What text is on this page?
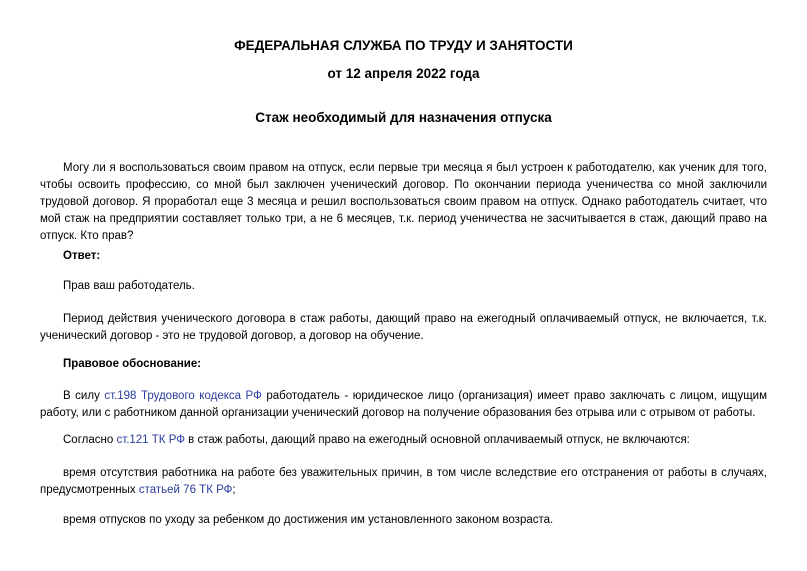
ФЕДЕРАЛЬНАЯ СЛУЖБА ПО ТРУДУ И ЗАНЯТОСТИ

от 12 апреля 2022 года

Стаж необходимый для назначения отпуска

Могу ли я воспользоваться своим правом на отпуск, если первые три месяца я был устроен к работодателю, как ученик для того, чтобы освоить профессию, со мной был заключен ученический договор. По окончании периода ученичества со мной заключили трудовой договор. Я проработал еще 3 месяца и решил воспользоваться своим правом на отпуск. Однако работодатель считает, что мой стаж на предприятии составляет только три, а не 6 месяцев, т.к. период ученичества не засчитывается в стаж, дающий право на отпуск. Кто прав?

Ответ:

Прав ваш работодатель.

Период действия ученического договора в стаж работы, дающий право на ежегодный оплачиваемый отпуск, не включается, т.к. ученический договор - это не трудовой договор, а договор на обучение.

Правовое обоснование:

В силу ст.198 Трудового кодекса РФ работодатель - юридическое лицо (организация) имеет право заключать с лицом, ищущим работу, или с работником данной организации ученический договор на получение образования без отрыва или с отрывом от работы.

Согласно ст.121 ТК РФ в стаж работы, дающий право на ежегодный основной оплачиваемый отпуск, не включаются:

время отсутствия работника на работе без уважительных причин, в том числе вследствие его отстранения от работы в случаях, предусмотренных статьей 76 ТК РФ;

время отпусков по уходу за ребенком до достижения им установленного законом возраста.
